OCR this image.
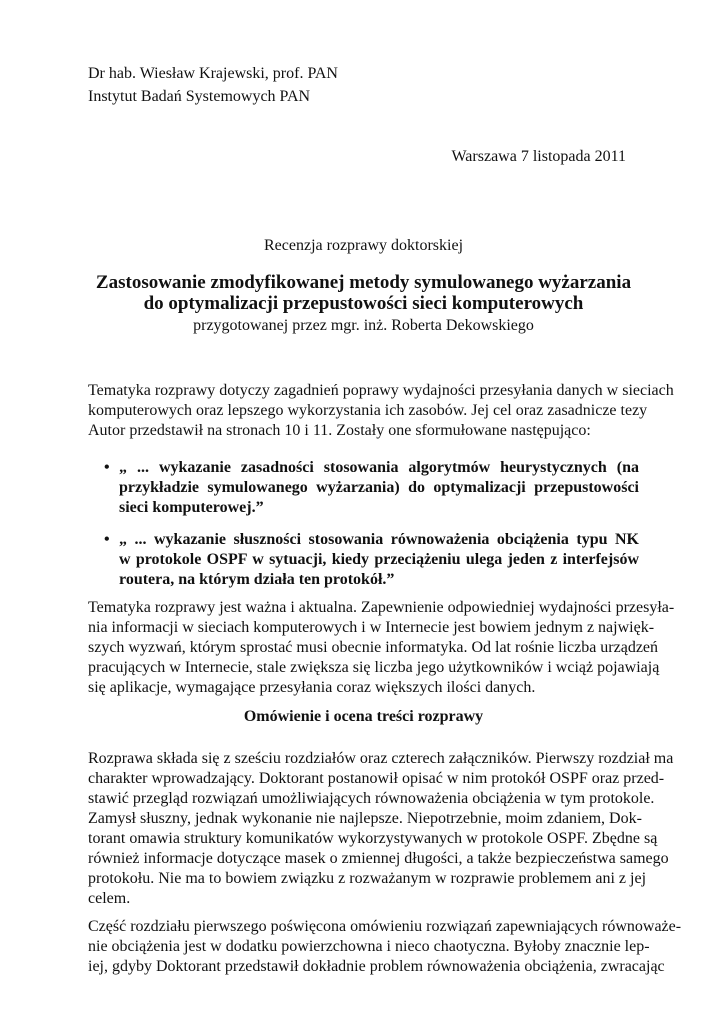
Dr hab. Wiesław Krajewski, prof. PAN
Instytut Badań Systemowych PAN
Warszawa 7 listopada 2011
Recenzja rozprawy doktorskiej
Zastosowanie zmodyfikowanej metody symulowanego wyżarzania
do optymalizacji przepustowości sieci komputerowych
przygotowanej przez mgr. inż. Roberta Dekowskiego
Tematyka rozprawy dotyczy zagadnień poprawy wydajności przesyłania danych w sieciach
komputerowych oraz lepszego wykorzystania ich zasobów. Jej cel oraz zasadnicze tezy
Autor przedstawił na stronach 10 i 11. Zostały one sformułowane następująco:
• „ ... wykazanie zasadności stosowania algorytmów heurystycznych (na
przykładzie symulowanego wyżarzania) do optymalizacji przepustowości
sieci komputerowej.”
• „ ... wykazanie słuszności stosowania równoważenia obciążenia typu NK
w protokole OSPF w sytuacji, kiedy przeciążeniu ulega jeden z interfejsów
routera, na którym działa ten protokół.”
Tematyka rozprawy jest ważna i aktualna. Zapewnienie odpowiedniej wydajności przesyła-
nia informacji w sieciach komputerowych i w Internecie jest bowiem jednym z najwięk-
szych wyzwań, którym sprostać musi obecnie informatyka. Od lat rośnie liczba urządzeń
pracujących w Internecie, stale zwiększa się liczba jego użytkowników i wciąż pojawiają
się aplikacje, wymagające przesyłania coraz większych ilości danych.
Omówienie i ocena treści rozprawy
Rozprawa składa się z sześciu rozdziałów oraz czterech załączników. Pierwszy rozdział ma
charakter wprowadzający. Doktorant postanowił opisać w nim protokół OSPF oraz przed-
stawić przegląd rozwiązań umożliwiających równoważenia obciążenia w tym protokole.
Zamysł słuszny, jednak wykonanie nie najlepsze. Niepotrzebnie, moim zdaniem, Dok-
torant omawia struktury komunikatów wykorzystywanych w protokole OSPF. Zbędne są
również informacje dotyczące masek o zmiennej długości, a także bezpieczeństwa samego
protokołu. Nie ma to bowiem związku z rozważanym w rozprawie problemem ani z jej
celem.
Część rozdziału pierwszego poświęcona omówieniu rozwiązań zapewniających równoważe-
nie obciążenia jest w dodatku powierzchowna i nieco chaotyczna. Byłoby znacznie lep-
iej, gdyby Doktorant przedstawił dokładnie problem równoważenia obciążenia, zwracając
